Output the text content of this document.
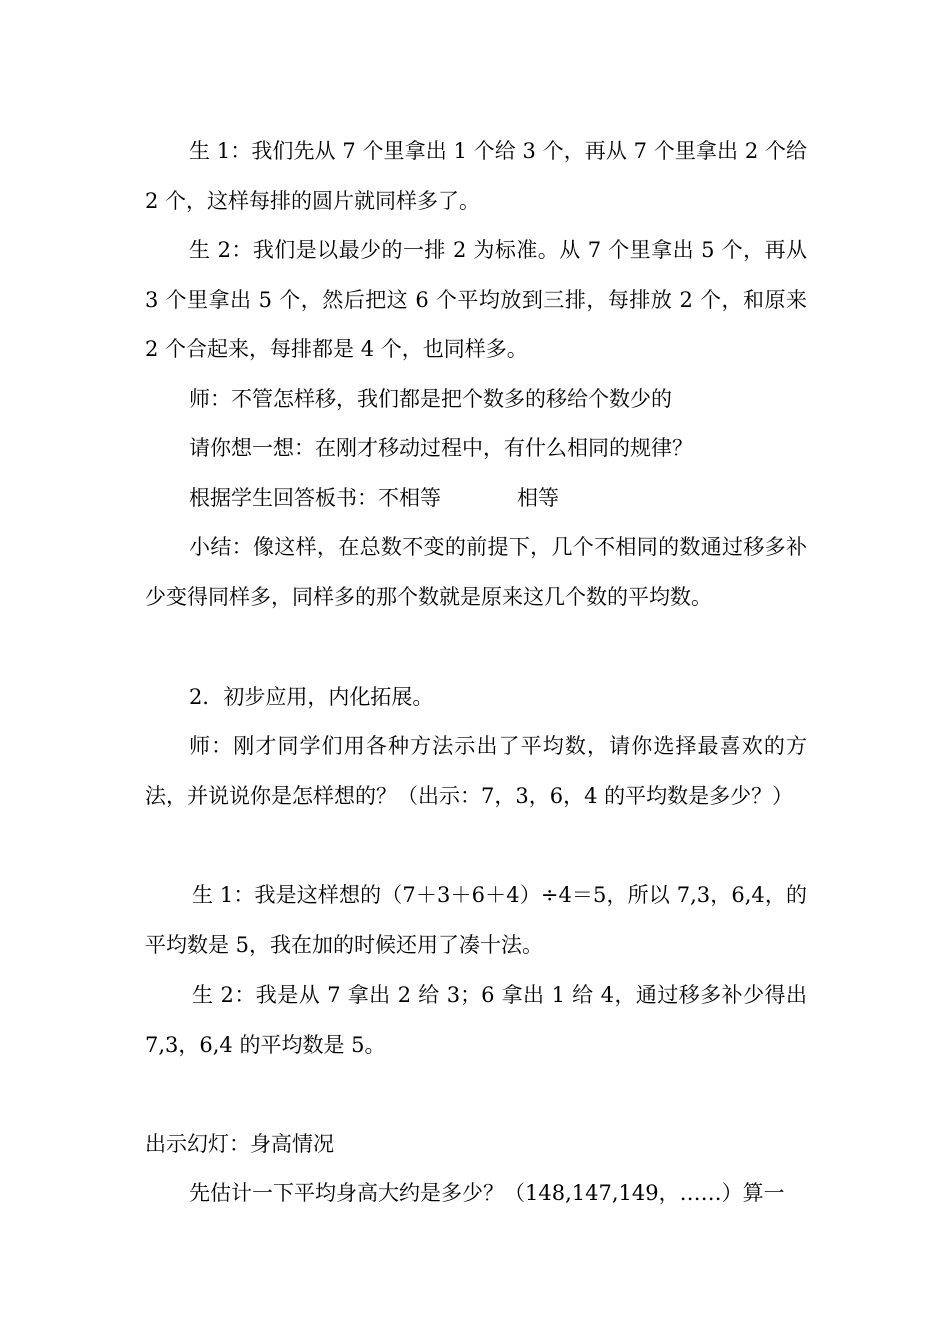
生 1：我们先从 7 个里拿出 1 个给 3 个，再从 7 个里拿出 2 个给 2 个，这样每排的圆片就同样多了。

生 2：我们是以最少的一排 2 为标准。从 7 个里拿出 5 个，再从 3 个里拿出 5 个，然后把这 6 个平均放到三排，每排放 2 个，和原来 2 个合起来，每排都是 4 个，也同样多。

师：不管怎样移，我们都是把个数多的移给个数少的

请你想一想：在刚才移动过程中，有什么相同的规律？

根据学生回答板书：不相等	相等

小结：像这样，在总数不变的前提下，几个不相同的数通过移多补少变得同样多，同样多的那个数就是原来这几个数的平均数。

2．初步应用，内化拓展。

师：刚才同学们用各种方法示出了平均数，请你选择最喜欢的方法，并说说你是怎样想的？（出示：7，3，6，4 的平均数是多少？）

生 1：我是这样想的（7＋3＋6＋4）÷4＝5，所以 7,3，6,4，的平均数是 5，我在加的时候还用了凑十法。

生 2：我是从 7 拿出 2 给 3；6 拿出 1 给 4，通过移多补少得出 7,3，6,4 的平均数是 5。

出示幻灯：身高情况

先估计一下平均身高大约是多少？（148,147,149，……）算一
